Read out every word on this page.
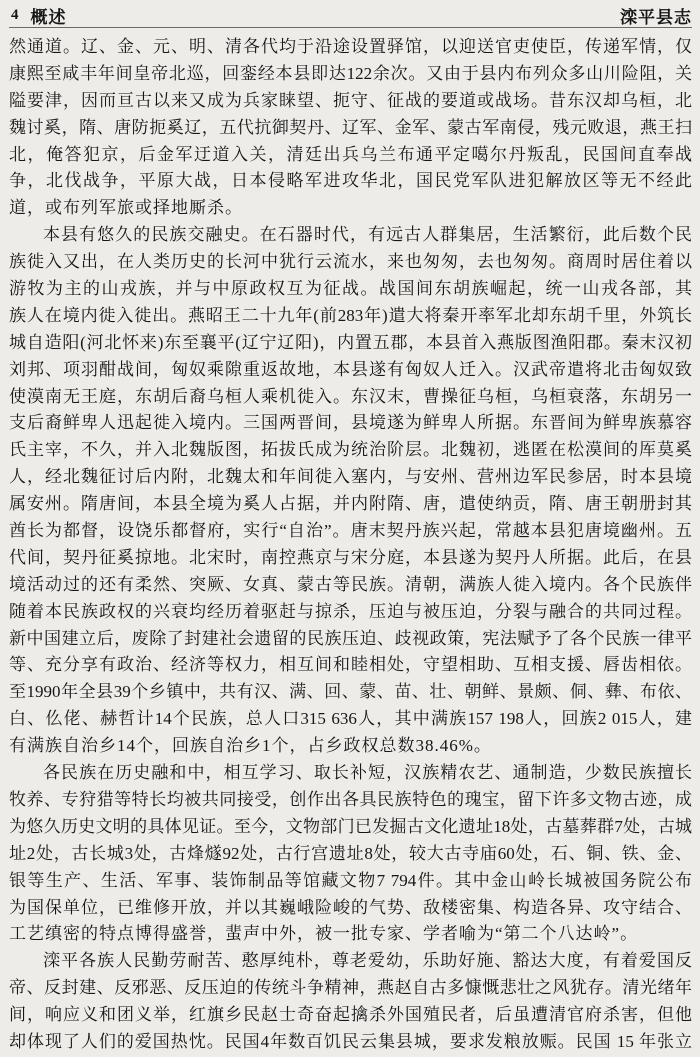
4 概述	滦平县志
然通道。辽、金、元、明、清各代均于沿途设置驿馆，以迎送官吏使臣，传递军情，仅
康熙至咸丰年间皇帝北巡，回銮经本县即达122余次。又由于县内布列众多山川险阻，关
隘要津，因而亘古以来又成为兵家睐望、扼守、征战的要道或战场。昔东汉却乌桓，北
魏讨奚，隋、唐防扼奚辽，五代抗御契丹、辽军、金军、蒙古军南侵，残元败退，燕王扫
北，俺答犯京，后金军迂道入关，清廷出兵乌兰布通平定噶尔丹叛乱，民国间直奉战
争，北伐战争，平原大战，日本侵略军进攻华北，国民党军队进犯解放区等无不经此
道，或布列军旅或择地厮杀。
本县有悠久的民族交融史。在石器时代，有远古人群集居，生活繁衍，此后数个民
族徙入又出，在人类历史的长河中犹行云流水，来也匆匆，去也匆匆。商周时居住着以
游牧为主的山戎族，并与中原政权互为征战。战国间东胡族崛起，统一山戎各部，其
族人在境内徙入徙出。燕昭王二十九年(前283年)遣大将秦开率军北却东胡千里，外筑长
城自造阳(河北怀来)东至襄平(辽宁辽阳)，内置五郡，本县首入燕版图渔阳郡。秦末汉初
刘邦、项羽酣战间，匈奴乘隙重返故地，本县遂有匈奴人迁入。汉武帝遣将北击匈奴致
使漠南无王庭，东胡后裔乌桓人乘机徙入。东汉末，曹操征乌桓，乌桓衰落，东胡另一
支后裔鲜卑人迅起徙入境内。三国两晋间，县境遂为鲜卑人所据。东晋间为鲜卑族慕容
氏主宰，不久，并入北魏版图，拓拔氏成为统治阶层。北魏初，逃匿在松漠间的厍莫奚
人，经北魏征讨后内附，北魏太和年间徙入塞内，与安州、营州边军民参居，时本县境
属安州。隋唐间，本县全境为奚人占据，并内附隋、唐，遣使纳贡，隋、唐王朝册封其
酋长为都督，设饶乐都督府，实行“自治”。唐末契丹族兴起，常越本县犯唐境幽州。五
代间，契丹征奚掠地。北宋时，南控燕京与宋分庭，本县遂为契丹人所据。此后，在县
境活动过的还有柔然、突厥、女真、蒙古等民族。清朝，满族人徙入境内。各个民族伴
随着本民族政权的兴衰均经历着驱赶与掠杀，压迫与被压迫，分裂与融合的共同过程。
新中国建立后，废除了封建社会遗留的民族压迫、歧视政策，宪法赋予了各个民族一律平
等、充分享有政治、经济等权力，相互间和睦相处，守望相助、互相支援、唇齿相依。
至1990年全县39个乡镇中，共有汉、满、回、蒙、苗、壮、朝鲜、景颇、侗、彝、布依、
白、仫佬、赫哲计14个民族，总人口315 636人，其中满族157 198人，回族2 015人，建
有满族自治乡14个，回族自治乡1个，占乡政权总数38.46%。
各民族在历史融和中，相互学习、取长补短，汉族精农艺、通制造，少数民族擅长
牧养、专狩猎等特长均被共同接受，创作出各具民族特色的瑰宝，留下许多文物古迹，成
为悠久历史文明的具体见证。至今，文物部门已发掘古文化遗址18处，古墓葬群7处，古城
址2处，古长城3处，古烽燧92处，古行宫遗址8处，较大古寺庙60处，石、铜、铁、金、
银等生产、生活、军事、装饰制品等馆藏文物7 794件。其中金山岭长城被国务院公布
为国保单位，已维修开放，并以其巍峨险峻的气势、敌楼密集、构造各异、攻守结合、
工艺缜密的特点博得盛誉，蜚声中外，被一批专家、学者喻为“第二个八达岭”。
滦平各族人民勤劳耐苦、憨厚纯朴，尊老爱幼，乐助好施、豁达大度，有着爱国反
帝、反封建、反邪恶、反压迫的传统斗争精神，燕赵自古多慷慨悲壮之风犹存。清光绪年
间，响应义和团义举，红旗乡民赵士奇奋起擒杀外国殖民者，后虽遭清官府杀害，但他
却体现了人们的爱国热忱。民国4年数百饥民云集县城，要求发粮放赈。民国 15 年张立
